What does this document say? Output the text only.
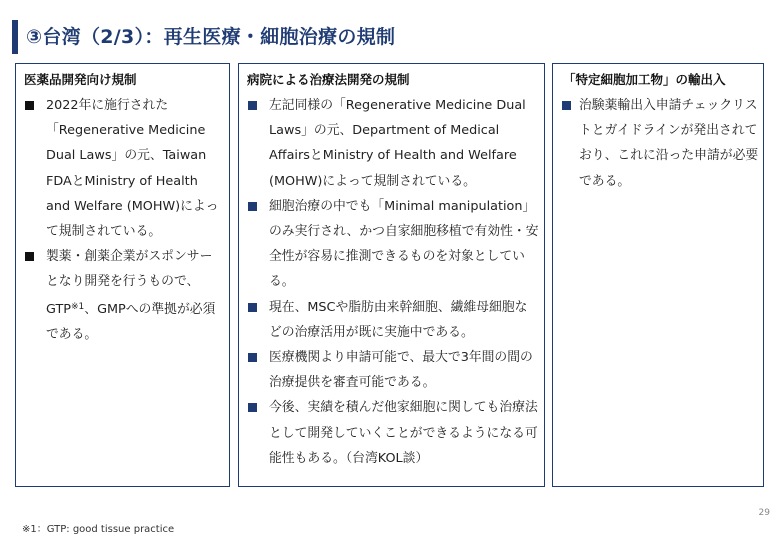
③台湾（2/3）：再生医療・細胞治療の規制
医薬品開発向け規制
2022年に施行された「Regenerative Medicine Dual Laws」の元、Taiwan FDAとMinistry of Health and Welfare (MOHW)によって規制されている。
製薬・創薬企業がスポンサーとなり開発を行うもので、GTP$^{※1}$、GMPへの準拠が必須である。
病院による治療法開発の規制
左記同様の「Regenerative Medicine Dual Laws」の元、Department of Medical AffairsとMinistry of Health and Welfare (MOHW)によって規制されている。
細胞治療の中でも「Minimal manipulation」のみ実行され、かつ自家細胞移植で有効性・安全性が容易に推測できるものを対象としている。
現在、MSCや脂肪由来幹細胞、繊維母細胞などの治療活用が既に実施中である。
医療機関より申請可能で、最大で3年間の間の治療提供を審査可能である。
今後、実績を積んだ他家細胞に関しても治療法として開発していくことができるようになる可能性もある。（台湾KOL談）
「特定細胞加工物」の輸出入
治験薬輸出入申請チェックリストとガイドラインが発出されており、これに沿った申請が必要である。
29
※1：GTP: good tissue practice
